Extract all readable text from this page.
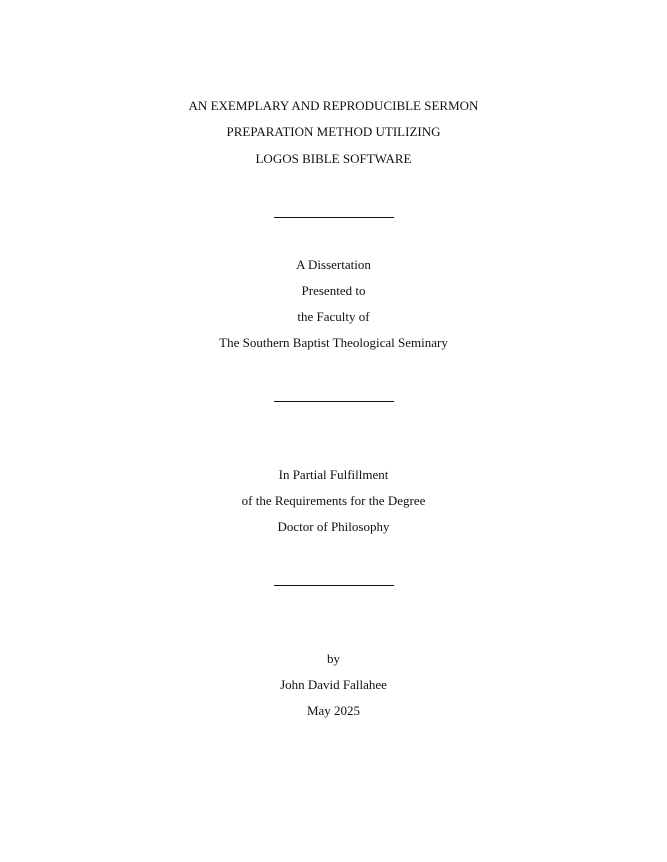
AN EXEMPLARY AND REPRODUCIBLE SERMON
PREPARATION METHOD UTILIZING
LOGOS BIBLE SOFTWARE
A Dissertation
Presented to
the Faculty of
The Southern Baptist Theological Seminary
In Partial Fulfillment
of the Requirements for the Degree
Doctor of Philosophy
by
John David Fallahee
May 2025
